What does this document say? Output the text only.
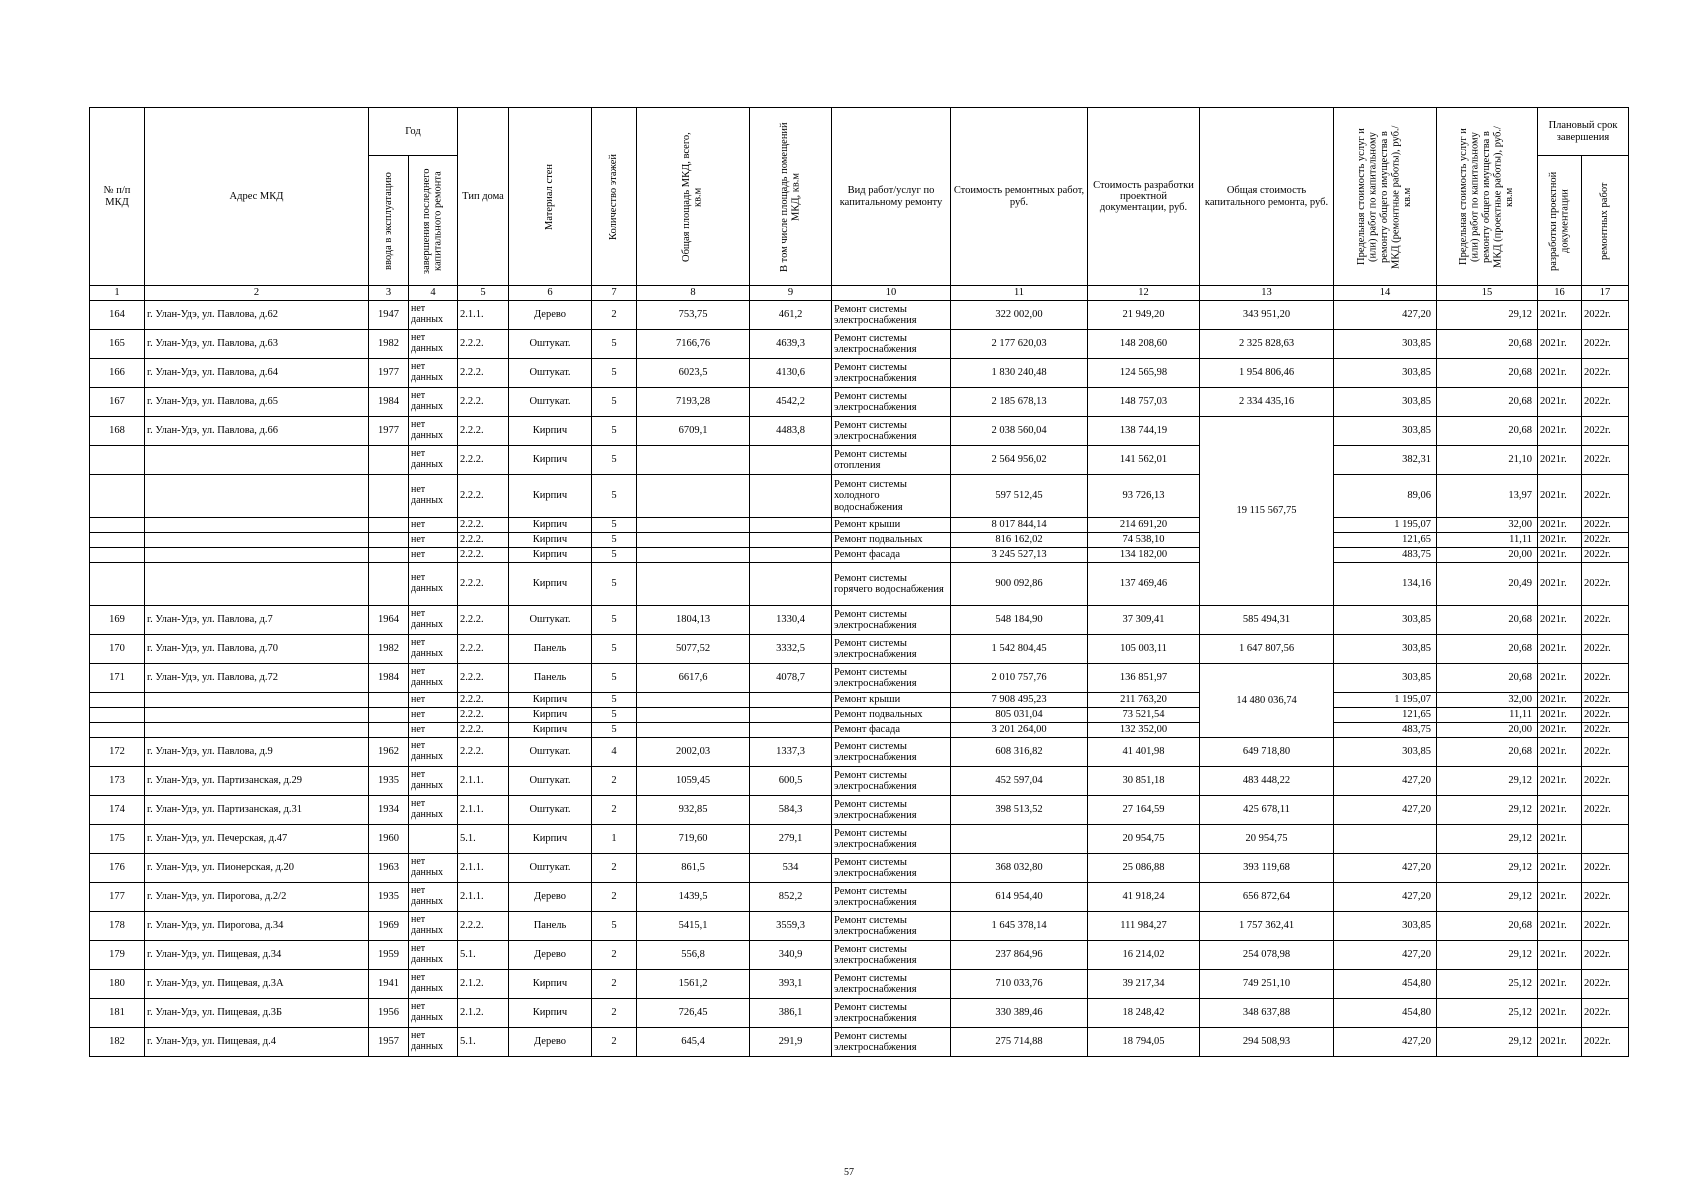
№ п/п МКД	Адрес МКД	Год		Тип дома	Материал стен	Количество этажей	Общая площадь МКД, всего, кв.м	В том числе площадь помещений МКД, кв.м	Вид работ/услуг по капитальному ремонту	Стоимость ремонтных работ, руб.	Стоимость разработки проектной документации, руб.	Общая стоимость капитального ремонта, руб.	Предельная стоимость услуг и (или) работ по капитальному ремонту общего имущества в МКД (ремонтные работы), руб./кв.м	Предельная стоимость услуг и (или) работ по капитальному ремонту общего имущества в МКД (проектные работы), руб./кв.м	Плановый срок завершения	

		ввода в эксплуатацию	завершения последнего капитального ремонта												разработки проектной документации	ремонтных работ

1	2	3	4	5	6	7	8	9	10	11	12	13	14	15	16	17
164	г. Улан-Удэ, ул. Павлова, д.62	1947	нет данных	2.1.1.	Дерево	2	753,75	461,2	Ремонт системы электроснабжения	322 002,00	21 949,20	343 951,20	427,20	29,12	2021г.	2022г.
165	г. Улан-Удэ, ул. Павлова, д.63	1982	нет данных	2.2.2.	Оштукат.	5	7166,76	4639,3	Ремонт системы электроснабжения	2 177 620,03	148 208,60	2 325 828,63	303,85	20,68	2021г.	2022г.
166	г. Улан-Удэ, ул. Павлова, д.64	1977	нет данных	2.2.2.	Оштукат.	5	6023,5	4130,6	Ремонт системы электроснабжения	1 830 240,48	124 565,98	1 954 806,46	303,85	20,68	2021г.	2022г.
167	г. Улан-Удэ, ул. Павлова, д.65	1984	нет данных	2.2.2.	Оштукат.	5	7193,28	4542,2	Ремонт системы электроснабжения	2 185 678,13	148 757,03	2 334 435,16	303,85	20,68	2021г.	2022г.
168	г. Улан-Удэ, ул. Павлова, д.66	1977	нет данных	2.2.2.	Кирпич	5	6709,1	4483,8	Ремонт системы электроснабжения	2 038 560,04	138 744,19	19 115 567,75	303,85	20,68	2021г.	2022г.
			нет данных	2.2.2.	Кирпич	5			Ремонт системы отопления	2 564 956,02	141 562,01		382,31	21,10	2021г.	2022г.
			нет данных	2.2.2.	Кирпич	5			Ремонт системы холодного водоснабжения	597 512,45	93 726,13		89,06	13,97	2021г.	2022г.
			нет	2.2.2.	Кирпич	5			Ремонт крыши	8 017 844,14	214 691,20		1 195,07	32,00	2021г.	2022г.
			нет	2.2.2.	Кирпич	5			Ремонт подвальных	816 162,02	74 538,10		121,65	11,11	2021г.	2022г.
			нет	2.2.2.	Кирпич	5			Ремонт фасада	3 245 527,13	134 182,00		483,75	20,00	2021г.	2022г.
			нет данных	2.2.2.	Кирпич	5			Ремонт системы горячего водоснабжения	900 092,86	137 469,46		134,16	20,49	2021г.	2022г.
169	г. Улан-Удэ, ул. Павлова, д.7	1964	нет данных	2.2.2.	Оштукат.	5	1804,13	1330,4	Ремонт системы электроснабжения	548 184,90	37 309,41	585 494,31	303,85	20,68	2021г.	2022г.
170	г. Улан-Удэ, ул. Павлова, д.70	1982	нет данных	2.2.2.	Панель	5	5077,52	3332,5	Ремонт системы электроснабжения	1 542 804,45	105 003,11	1 647 807,56	303,85	20,68	2021г.	2022г.
171	г. Улан-Удэ, ул. Павлова, д.72	1984	нет данных	2.2.2.	Панель	5	6617,6	4078,7	Ремонт системы электроснабжения	2 010 757,76	136 851,97	14 480 036,74	303,85	20,68	2021г.	2022г.
			нет	2.2.2.	Кирпич	5			Ремонт крыши	7 908 495,23	211 763,20		1 195,07	32,00	2021г.	2022г.
			нет	2.2.2.	Кирпич	5			Ремонт подвальных	805 031,04	73 521,54		121,65	11,11	2021г.	2022г.
			нет	2.2.2.	Кирпич	5			Ремонт фасада	3 201 264,00	132 352,00		483,75	20,00	2021г.	2022г.
172	г. Улан-Удэ, ул. Павлова, д.9	1962	нет данных	2.2.2.	Оштукат.	4	2002,03	1337,3	Ремонт системы электроснабжения	608 316,82	41 401,98	649 718,80	303,85	20,68	2021г.	2022г.
173	г. Улан-Удэ, ул. Партизанская, д.29	1935	нет данных	2.1.1.	Оштукат.	2	1059,45	600,5	Ремонт системы электроснабжения	452 597,04	30 851,18	483 448,22	427,20	29,12	2021г.	2022г.
174	г. Улан-Удэ, ул. Партизанская, д.31	1934	нет данных	2.1.1.	Оштукат.	2	932,85	584,3	Ремонт системы электроснабжения	398 513,52	27 164,59	425 678,11	427,20	29,12	2021г.	2022г.
175	г. Улан-Удэ, ул. Печерская, д.47	1960		5.1.	Кирпич	1	719,60	279,1	Ремонт системы электроснабжения		20 954,75	20 954,75		29,12	2021г.	
176	г. Улан-Удэ, ул. Пионерская, д.20	1963	нет данных	2.1.1.	Оштукат.	2	861,5	534	Ремонт системы электроснабжения	368 032,80	25 086,88	393 119,68	427,20	29,12	2021г.	2022г.
177	г. Улан-Удэ, ул. Пирогова, д.2/2	1935	нет данных	2.1.1.	Дерево	2	1439,5	852,2	Ремонт системы электроснабжения	614 954,40	41 918,24	656 872,64	427,20	29,12	2021г.	2022г.
178	г. Улан-Удэ, ул. Пирогова, д.34	1969	нет данных	2.2.2.	Панель	5	5415,1	3559,3	Ремонт системы электроснабжения	1 645 378,14	111 984,27	1 757 362,41	303,85	20,68	2021г.	2022г.
179	г. Улан-Удэ, ул. Пищевая, д.34	1959	нет данных	5.1.	Дерево	2	556,8	340,9	Ремонт системы электроснабжения	237 864,96	16 214,02	254 078,98	427,20	29,12	2021г.	2022г.
180	г. Улан-Удэ, ул. Пищевая, д.3А	1941	нет данных	2.1.2.	Кирпич	2	1561,2	393,1	Ремонт системы электроснабжения	710 033,76	39 217,34	749 251,10	454,80	25,12	2021г.	2022г.
181	г. Улан-Удэ, ул. Пищевая, д.3Б	1956	нет данных	2.1.2.	Кирпич	2	726,45	386,1	Ремонт системы электроснабжения	330 389,46	18 248,42	348 637,88	454,80	25,12	2021г.	2022г.
182	г. Улан-Удэ, ул. Пищевая, д.4	1957	нет данных	5.1.	Дерево	2	645,4	291,9	Ремонт системы электроснабжения	275 714,88	18 794,05	294 508,93	427,20	29,12	2021г.	2022г.
57
